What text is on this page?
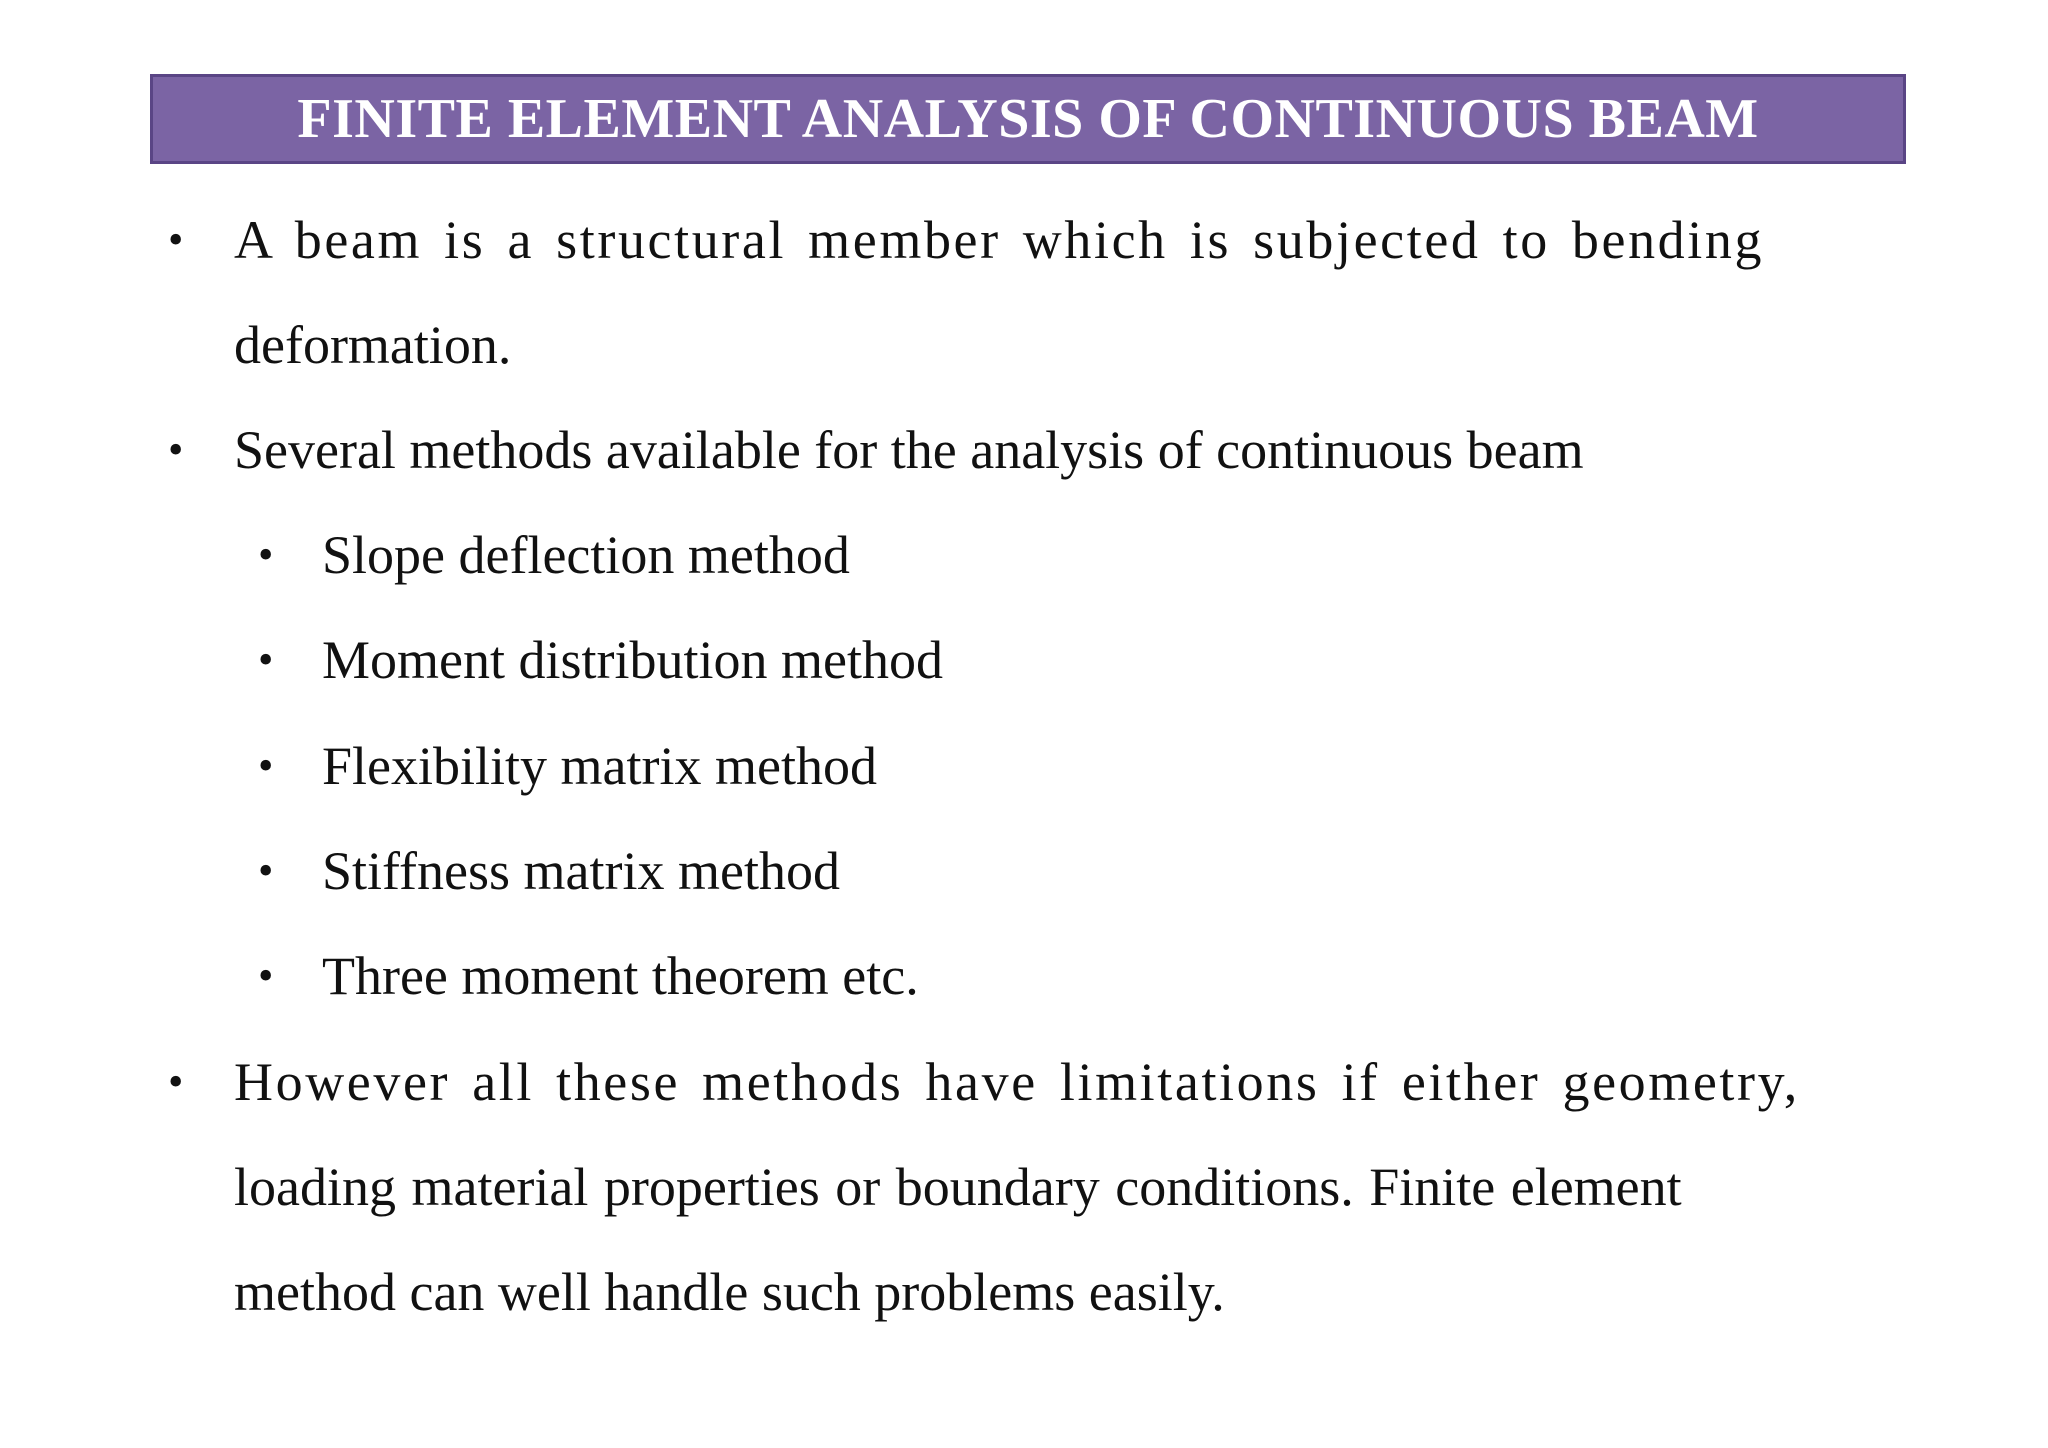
FINITE ELEMENT ANALYSIS OF CONTINUOUS BEAM
• A beam is a structural member which is subjected to bending
deformation.
• Several methods available for the analysis of continuous beam
• Slope deflection method
• Moment distribution method
• Flexibility matrix method
• Stiffness matrix method
• Three moment theorem etc.
• However all these methods have limitations if either geometry,
loading material properties or boundary conditions. Finite element
method can well handle such problems easily.
